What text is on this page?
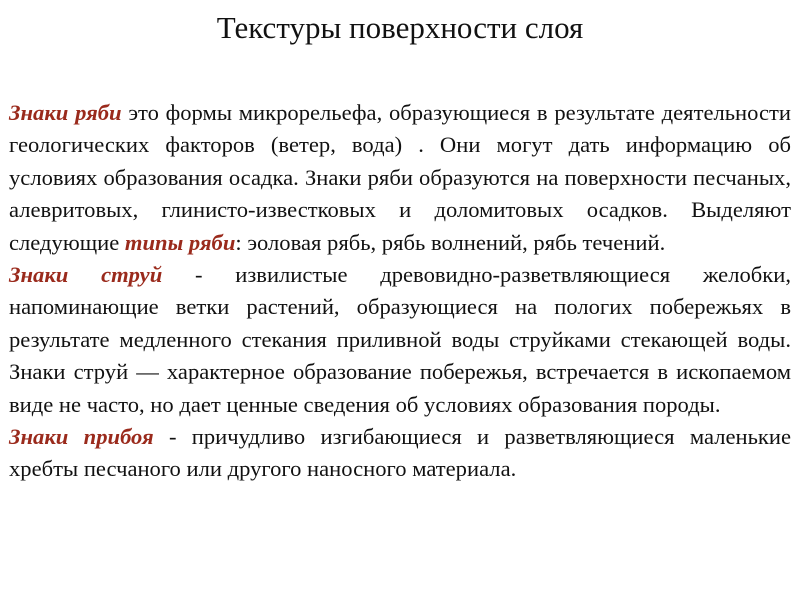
Текстуры поверхности слоя

Знаки ряби это формы микрорельефа, образующиеся в результате деятельности геологических факторов (ветер, вода) . Они могут дать информацию об условиях образования осадка. Знаки ряби образуются на поверхности песчаных, алевритовых, глинисто-известковых и доломитовых осадков. Выделяют следующие типы ряби: эоловая рябь, рябь волнений, рябь течений.

Знаки струй - извилистые древовидно-разветвляющиеся желобки, напоминающие ветки растений, образующиеся на пологих побережьях в результате медленного стекания приливной воды струйками стекающей воды. Знаки струй — характерное образование побережья, встречается в ископаемом виде не часто, но дает ценные сведения об условиях образования породы.

Знаки прибоя - причудливо изгибающиеся и разветвляющиеся маленькие хребты песчаного или другого наносного материала.
